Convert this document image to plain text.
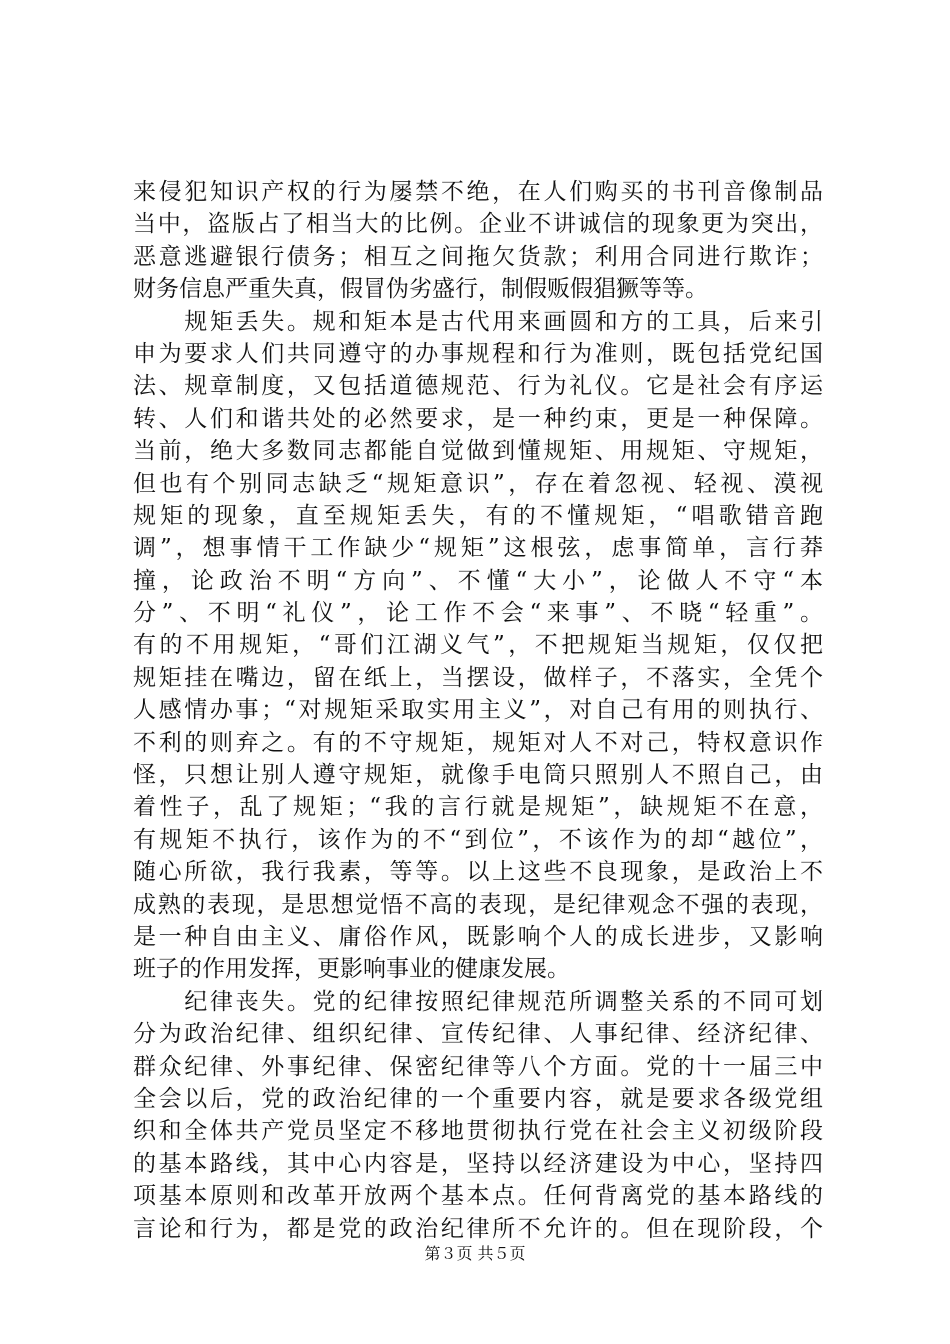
来侵犯知识产权的行为屡禁不绝，在人们购买的书刊音像制品
当中，盗版占了相当大的比例。企业不讲诚信的现象更为突出，
恶意逃避银行债务；相互之间拖欠货款；利用合同进行欺诈；
财务信息严重失真，假冒伪劣盛行，制假贩假猖獗等等。
　　规矩丢失。规和矩本是古代用来画圆和方的工具，后来引
申为要求人们共同遵守的办事规程和行为准则，既包括党纪国
法、规章制度，又包括道德规范、行为礼仪。它是社会有序运
转、人们和谐共处的必然要求，是一种约束，更是一种保障。
当前，绝大多数同志都能自觉做到懂规矩、用规矩、守规矩，
但也有个别同志缺乏“规矩意识”，存在着忽视、轻视、漠视
规矩的现象，直至规矩丢失，有的不懂规矩，“唱歌错音跑
调”，想事情干工作缺少“规矩”这根弦，虑事简单，言行莽
撞，论政治不明“方向”、不懂“大小”，论做人不守“本
分”、不明“礼仪”，论工作不会“来事”、不晓“轻重”。
有的不用规矩，“哥们江湖义气”，不把规矩当规矩，仅仅把
规矩挂在嘴边，留在纸上，当摆设，做样子，不落实，全凭个
人感情办事；“对规矩采取实用主义”，对自己有用的则执行、
不利的则弃之。有的不守规矩，规矩对人不对己，特权意识作
怪，只想让别人遵守规矩，就像手电筒只照别人不照自己，由
着性子，乱了规矩；“我的言行就是规矩”，缺规矩不在意，
有规矩不执行，该作为的不“到位”，不该作为的却“越位”，
随心所欲，我行我素，等等。以上这些不良现象，是政治上不
成熟的表现，是思想觉悟不高的表现，是纪律观念不强的表现，
是一种自由主义、庸俗作风，既影响个人的成长进步，又影响
班子的作用发挥，更影响事业的健康发展。
　　纪律丧失。党的纪律按照纪律规范所调整关系的不同可划
分为政治纪律、组织纪律、宣传纪律、人事纪律、经济纪律、
群众纪律、外事纪律、保密纪律等八个方面。党的十一届三中
全会以后，党的政治纪律的一个重要内容，就是要求各级党组
织和全体共产党员坚定不移地贯彻执行党在社会主义初级阶段
的基本路线，其中心内容是，坚持以经济建设为中心，坚持四
项基本原则和改革开放两个基本点。任何背离党的基本路线的
言论和行为，都是党的政治纪律所不允许的。但在现阶段，个
第３页 共５页
